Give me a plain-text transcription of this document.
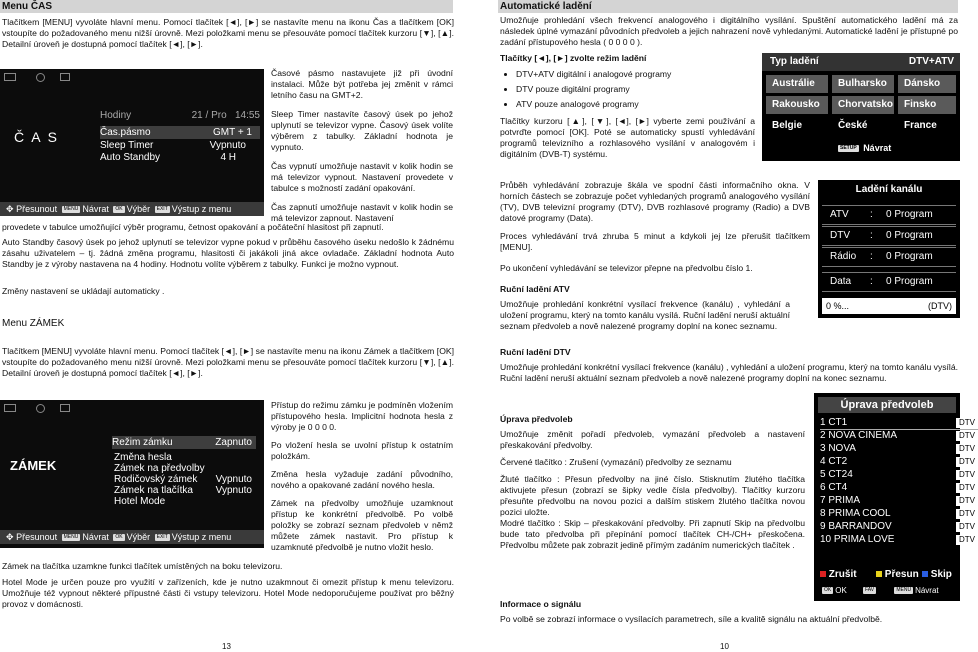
Menu ČAS

Tlačítkem [MENU] vyvoláte hlavní menu. Pomocí tlačítek [◄], [►] se nastavíte menu na ikonu Čas a tlačítkem [OK] vstoupíte do požadovaného menu nižší úrovně. Mezi položkami menu se přesouváte pomocí tlačítek kurzoru [▼], [▲]. Detailní úroveň je dostupná pomocí tlačítek [◄], [►].

Č A S
Hodiny	21 / Pro   14:55
Čas.pásmo	GMT + 1
Sleep Timer	Vypnuto
Auto Standby	4 H
✥ Přesunout MENU Návrat OK Výběr EXIT Výstup z menu

Časové pásmo nastavujete již při úvodní instalaci. Může být potřeba jej změnit v rámci letního času na GMT+2.

Sleep Timer nastavíte časový úsek po jehož uplynutí se televizor vypne. Časový úsek volíte výběrem z tabulky. Základní hodnota je vypnuto.

Čas vypnutí umožňuje nastavit v kolik hodin se má televizor vypnout. Nastavení provedete v tabulce s možností zadání opakování.

Čas zapnutí umožňuje nastavit v kolik hodin se má televizor zapnout. Nastavení

provedete v tabulce umožňující výběr programu, četnost opakování a počáteční hlasitost při zapnutí.

Auto Standby časový úsek po jehož uplynutí se televizor vypne pokud v průběhu časového úseku nedošlo k žádnému zásahu uživatelem – tj. žádná změna programu, hlasitosti či jakákoli jiná akce ovladače. Základní hodnota Auto Standby je z výroby nastavena na 4 hodiny. Hodnotu volíte výběrem z tabulky. Funkci je možno vypnout.

Změny nastavení se ukládají automaticky .

Menu ZÁMEK

Tlačítkem [MENU] vyvoláte hlavní menu. Pomocí tlačítek [◄], [►] se nastavíte menu na ikonu Zámek a tlačítkem [OK] vstoupíte do požadovaného menu nižší úrovně. Mezi položkami menu se přesouváte pomocí tlačítek kurzoru [▼], [▲]. Detailní úroveň je dostupná pomocí tlačítek [◄], [►].

ZÁMEK
Režim zámku	Zapnuto
Změna hesla
Zámek na předvolby
Rodičovský zámek Vypnuto
Zámek na tlačítka Vypnuto
Hotel Mode
✥ Přesunout MENU Návrat OK Výběr EXIT Výstup z menu

Přístup do režimu zámku je podmíněn vložením přístupového hesla. Implicitní hodnota hesla z výroby je 0 0 0 0.

Po vložení hesla se uvolní přístup k ostatním položkám.

Změna hesla vyžaduje zadání původního, nového a opakované zadání nového hesla.

Zámek na předvolby umožňuje uzamknout přístup ke konkrétní předvolbě. Po volbě položky se zobrazí seznam předvoleb v němž můžete zámek nastavit. Pro přístup k uzamknuté předvolbě je nutno vložit heslo.

Zámek na tlačítka uzamkne funkci tlačítek umístěných na boku televizoru.

Hotel Mode je určen pouze pro využití v zařízeních, kde je nutno uzakmnout či omezit přístup k menu televizoru. Umožňuje též vypnout některé přípustné části či vstupy televizoru. Hotel Mode nedoporučujeme používat pro běžný provoz v domácnosti.

13
Automatické ladění

Umožňuje prohledání všech frekvencí analogového i digitálního vysílání. Spuštění automatického ladění má za následek úplné vymazání původních předvoleb a jejich nahrazení nově vyhledanými. Automatické ladění je přístupné po zadání přístupového hesla ( 0 0 0 0 ).

Tlačítky [◄], [►] zvolte režim ladění

• DTV+ATV digitální i analogové programy
• DTV pouze digitální programy
• ATV pouze analogové programy

Tlačítky kurzoru [▲], [▼], [◄], [►] vyberte zemi používání a potvrďte pomocí [OK]. Poté se automaticky spustí vyhledávání programů televizního a rozhlasového vysílání v analogovém i digitálním (DVB-T) systému.

Typ ladění	DTV+ATV
Austrálie	Bulharsko	Dánsko
Rakousko	Chorvatsko	Finsko
Belgie	České	France
SETUP Návrat

Průběh vyhledávání zobrazuje škála ve spodní části informačního okna. V horních částech se zobrazuje počet vyhledaných programů analogového vysílání (TV), DVB televizní programy (DTV), DVB rozhlasové programy (Radio) a DVB datové programy (Data).

Proces vyhledávání trvá zhruba 5 minut a kdykoli jej lze přerušit tlačítkem [MENU].

Po ukončení vyhledávání se televizor přepne na předvolbu číslo 1.

Ladění kanálu
ATV : 0 Program
DTV : 0 Program
Rádio : 0 Program
Data : 0 Program
0 %...	(DTV)

Ruční ladění ATV

Umožňuje prohledání konkrétní vysílací frekvence (kanálu) , vyhledání a uložení programu, který na tomto kanálu vysílá. Ruční ladění neruší aktuální seznam předvoleb a nově nalezené programy doplní na konec seznamu.

Ruční ladění DTV

Umožňuje prohledání konkrétní vysílací frekvence (kanálu) , vyhledání a uložení programu, který na tomto kanálu vysílá. Ruční ladění neruší aktuální seznam předvoleb a nově nalezené programy doplní na konec seznamu.

Úprava předvoleb

Umožňuje změnit pořadí předvoleb, vymazání předvoleb a nastavení přeskakování předvolby.

Červené tlačítko : Zrušení (vymazání) předvolby ze seznamu

Žluté tlačítko : Přesun předvolby na jiné číslo. Stisknutím žlutého tlačítka aktivujete přesun (zobrazí se šipky vedle čísla předvolby). Tlačítky kurzoru přesuňte předvolbu na novou pozici a dalším stiskem žlutého tlačítka novou pozici uložte.

Modré tlačítko : Skip – přeskakování předvolby. Při zapnutí Skip na předvolbu bude tato předvolba při přepínání pomocí tlačítek CH-/CH+ přeskočena. Předvolbu můžete pak zobrazit jedině přímým zadáním numerických tlačítek .

Úprava předvoleb
1 CT1	DTV
2 NOVA CINEMA	DTV
3 NOVA	DTV
4 CT2	DTV
5 CT24	DTV
6 CT4	DTV
7 PRIMA	DTV
8 PRIMA COOL	DTV
9 BARRANDOV	DTV
10 PRIMA LOVE	DTV
Zrušit	Přesun	Skip
OK OK	FAV	MENU Návrat

Informace o signálu

Po volbě se zobrazí informace o vysílacích parametrech, síle a kvalitě signálu na aktuální předvolbě.

10
